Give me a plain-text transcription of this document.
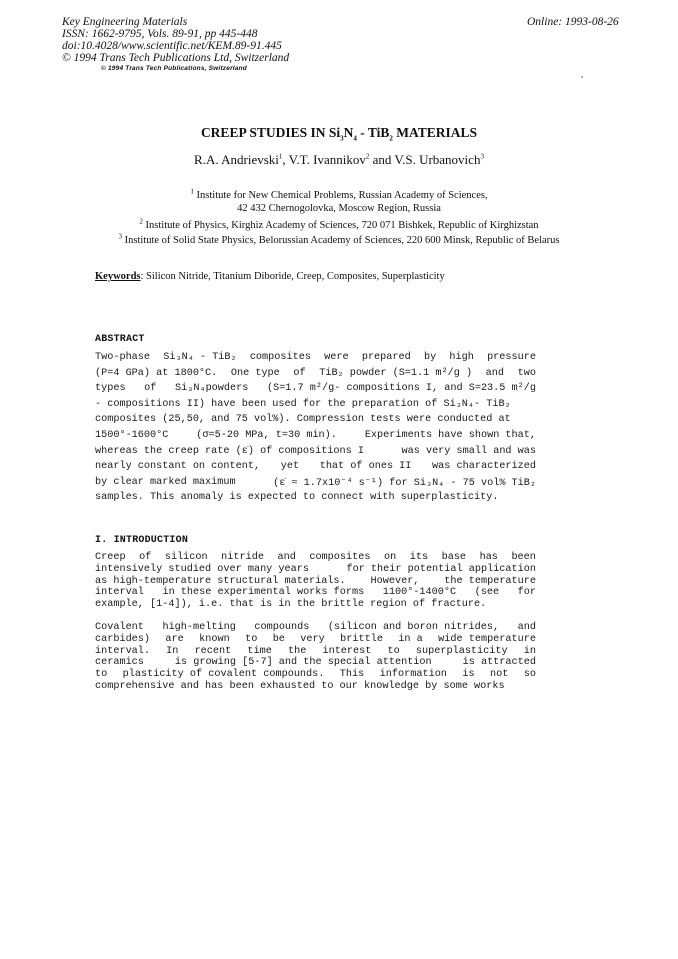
Key Engineering Materials	Online: 1993-08-26
ISSN: 1662-9795, Vols. 89-91, pp 445-448
doi:10.4028/www.scientific.net/KEM.89-91.445
© 1994 Trans Tech Publications Ltd, Switzerland
© 1994 Trans Tech Publications, Switzerland
CREEP STUDIES IN $Si_3N_4 - TiB_2$ MATERIALS
R.A. Andrievski$^1$, V.T. Ivannikov$^2$ and V.S. Urbanovich$^3$
$^1$ Institute for New Chemical Problems, Russian Academy of Sciences,
42 432 Chernogolovka, Moscow Region, Russia
$^2$ Institute of Physics, Kirghiz Academy of Sciences, 720 071 Bishkek, Republic of Kirghizstan
$^3$ Institute of Solid State Physics, Belorussian Academy of Sciences, 220 600 Minsk, Republic of Belarus
Keywords: Silicon Nitride, Titanium Diboride, Creep, Composites, Superplasticity
ABSTRACT
Two-phase Si₃N₄ - TiB₂ composites were prepared by high pressure
(P=4 GPa) at 1800°C. One type of TiB₂ powder (S=1.1 m²/g ) and two
types of Si₃N₄powders (S=1.7 m²/g- compositions I, and S=23.5 m²/g
- compositions II) have been used for the preparation of Si₃N₄- TiB₂
composites (25,50, and 75 vol%). Compression tests were conducted at
1500°-1600°C	(σ=5-20 MPa, t=30 min).	Experiments have shown that,
whereas the creep rate (ε̇) of compositions I	was very small and was
nearly constant on content, yet that of ones II was characterized
by clear marked maximum	(ε̇ ≈ 1.7x10⁻⁴ s⁻¹) for Si₃N₄ - 75 vol% TiB₂
samples. This anomaly is expected to connect with superplasticity.
I. INTRODUCTION
Creep of silicon nitride and composites on its base has been
intensively studied over many years	for their potential application
as high-temperature structural materials. However, the temperature
interval in these experimental works forms 1100°-1400°C (see for
example, [1-4]), i.e. that is in the brittle region of fracture.
Covalent high-melting compounds (silicon and boron nitrides, and
carbides) are known to be very brittle in a wide temperature
interval. In recent time the interest to superplasticity in
ceramics	is growing [5-7] and the special attention	is attracted
to plasticity of covalent compounds. This information is not so
comprehensive and has been exhausted to our knowledge by some works
